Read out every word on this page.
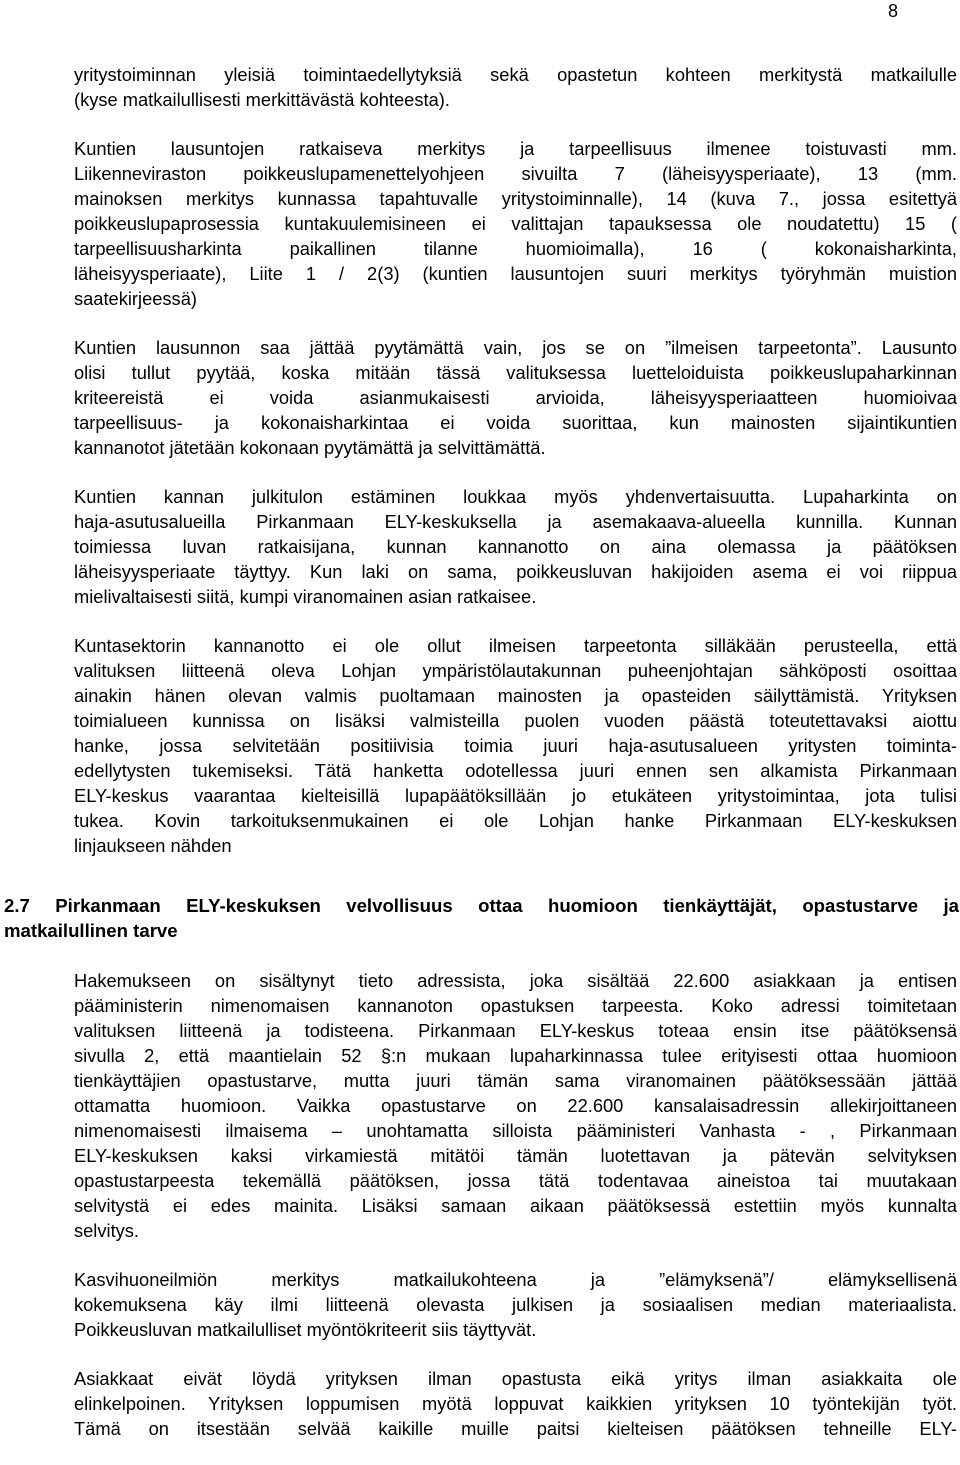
8

yritystoiminnan yleisiä toimintaedellytyksiä sekä opastetun kohteen merkitystä matkailulle
(kyse matkailullisesti merkittävästä kohteesta).

Kuntien lausuntojen ratkaiseva merkitys ja tarpeellisuus ilmenee toistuvasti mm.
Liikenneviraston poikkeuslupamenettelyohjeen sivuilta 7 (läheisyysperiaate), 13 (mm.
mainoksen merkitys kunnassa tapahtuvalle yritystoiminnalle), 14 (kuva 7., jossa esitettyä
poikkeuslupaprosessia kuntakuulemisineen ei valittajan tapauksessa ole noudatettu) 15 (
tarpeellisuusharkinta paikallinen tilanne huomioimalla), 16 ( kokonaisharkinta,
läheisyysperiaate), Liite 1 / 2(3) (kuntien lausuntojen suuri merkitys työryhmän muistion
saatekirjeessä)

Kuntien lausunnon saa jättää pyytämättä vain, jos se on ”ilmeisen tarpeetonta”. Lausunto
olisi tullut pyytää, koska mitään tässä valituksessa luetteloiduista poikkeuslupaharkinnan
kriteereistä ei voida asianmukaisesti arvioida, läheisyysperiaatteen huomioivaa
tarpeellisuus- ja kokonaisharkintaa ei voida suorittaa, kun mainosten sijaintikuntien
kannanotot jätetään kokonaan pyytämättä ja selvittämättä.

Kuntien kannan julkitulon estäminen loukkaa myös yhdenvertaisuutta. Lupaharkinta on
haja-asutusalueilla Pirkanmaan ELY-keskuksella ja asemakaava-alueella kunnilla. Kunnan
toimiessa luvan ratkaisijana, kunnan kannanotto on aina olemassa ja päätöksen
läheisyysperiaate täyttyy. Kun laki on sama, poikkeusluvan hakijoiden asema ei voi riippua
mielivaltaisesti siitä, kumpi viranomainen asian ratkaisee.

Kuntasektorin kannanotto ei ole ollut ilmeisen tarpeetonta silläkään perusteella, että
valituksen liitteenä oleva Lohjan ympäristölautakunnan puheenjohtajan sähköposti osoittaa
ainakin hänen olevan valmis puoltamaan mainosten ja opasteiden säilyttämistä. Yrityksen
toimialueen kunnissa on lisäksi valmisteilla puolen vuoden päästä toteutettavaksi aiottu
hanke, jossa selvitetään positiivisia toimia juuri haja-asutusalueen yritysten toiminta-
edellytysten tukemiseksi. Tätä hanketta odotellessa juuri ennen sen alkamista Pirkanmaan
ELY-keskus vaarantaa kielteisillä lupapäätöksillään jo etukäteen yritystoimintaa, jota tulisi
tukea. Kovin tarkoituksenmukainen ei ole Lohjan hanke Pirkanmaan ELY-keskuksen
linjaukseen nähden

2.7 Pirkanmaan ELY-keskuksen velvollisuus ottaa huomioon tienkäyttäjät, opastustarve ja
matkailullinen tarve

Hakemukseen on sisältynyt tieto adressista, joka sisältää 22.600 asiakkaan ja entisen
pääministerin nimenomaisen kannanoton opastuksen tarpeesta. Koko adressi toimitetaan
valituksen liitteenä ja todisteena. Pirkanmaan ELY-keskus toteaa ensin itse päätöksensä
sivulla 2, että maantielain 52 §:n mukaan lupaharkinnassa tulee erityisesti ottaa huomioon
tienkäyttäjien opastustarve, mutta juuri tämän sama viranomainen päätöksessään jättää
ottamatta huomioon. Vaikka opastustarve on 22.600 kansalaisadressin allekirjoittaneen
nimenomaisesti ilmaisema – unohtamatta silloista pääministeri Vanhasta - , Pirkanmaan
ELY-keskuksen kaksi virkamiestä mitätöi tämän luotettavan ja pätevän selvityksen
opastustarpeesta tekemällä päätöksen, jossa tätä todentavaa aineistoa tai muutakaan
selvitystä ei edes mainita. Lisäksi samaan aikaan päätöksessä estettiin myös kunnalta
selvitys.

Kasvihuoneilmiön merkitys matkailukohteena ja ”elämyksenä”/ elämyksellisenä
kokemuksena käy ilmi liitteenä olevasta julkisen ja sosiaalisen median materiaalista.
Poikkeusluvan matkailulliset myöntökriteerit siis täyttyvät.

Asiakkaat eivät löydä yrityksen ilman opastusta eikä yritys ilman asiakkaita ole
elinkelpoinen. Yrityksen loppumisen myötä loppuvat kaikkien yrityksen 10 työntekijän työt.
Tämä on itsestään selvää kaikille muille paitsi kielteisen päätöksen tehneille ELY-
